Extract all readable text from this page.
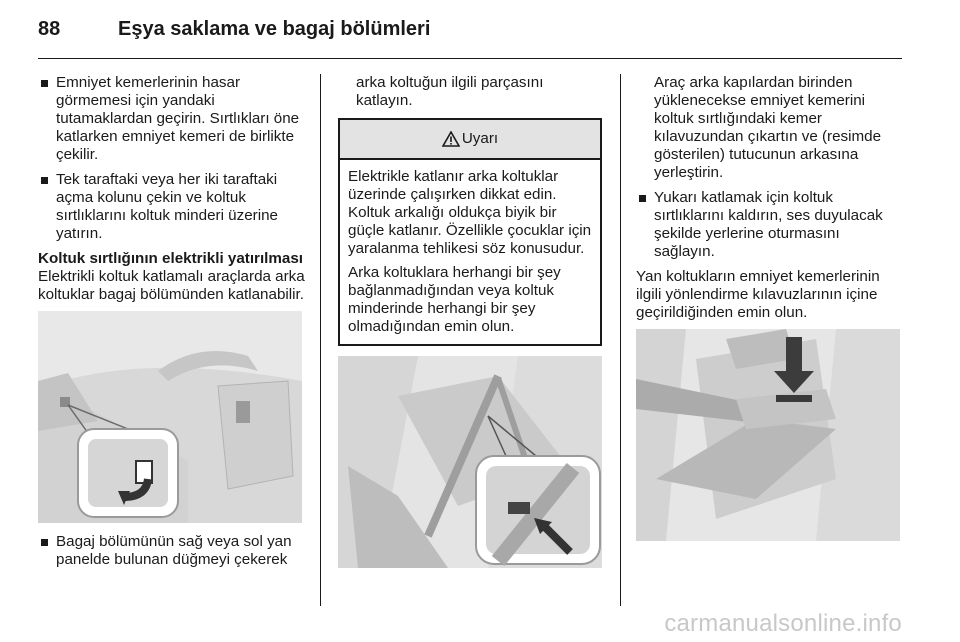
88	Eşya saklama ve bagaj bölümleri
Emniyet kemerlerinin hasar görmemesi için yandaki tutamaklardan geçirin. Sırtlıkları öne katlarken emniyet kemeri de birlikte çekilir.
Tek taraftaki veya her iki taraftaki açma kolunu çekin ve koltuk sırtlıklarını koltuk minderi üzerine yatırın.
Koltuk sırtlığının elektrikli yatırılması
Elektrikli koltuk katlamalı araçlarda arka koltuklar bagaj bölümünden katlanabilir.
Bagaj bölümünün sağ veya sol yan panelde bulunan düğmeyi çekerek
arka koltuğun ilgili parçasını katlayın.
Uyarı

Elektrikle katlanır arka koltuklar üzerinde çalışırken dikkat edin. Koltuk arkalığı oldukça biyik bir güçle katlanır. Özellikle çocuklar için yaralanma tehlikesi söz konusudur.

Arka koltuklara herhangi bir şey bağlanmadığından veya koltuk minderinde herhangi bir şey olmadığından emin olun.

Araç arka kapılardan birinden yüklenecekse emniyet kemerini koltuk sırtlığındaki kemer kılavuzundan çıkartın ve (resimde gösterilen) tutucunun arkasına yerleştirin.
Yukarı katlamak için koltuk sırtlıklarını kaldırın, ses duyulacak şekilde yerlerine oturmasını sağlayın.
Yan koltukların emniyet kemerlerinin ilgili yönlendirme kılavuzlarının içine geçirildiğinden emin olun.
carmanualsonline.info
